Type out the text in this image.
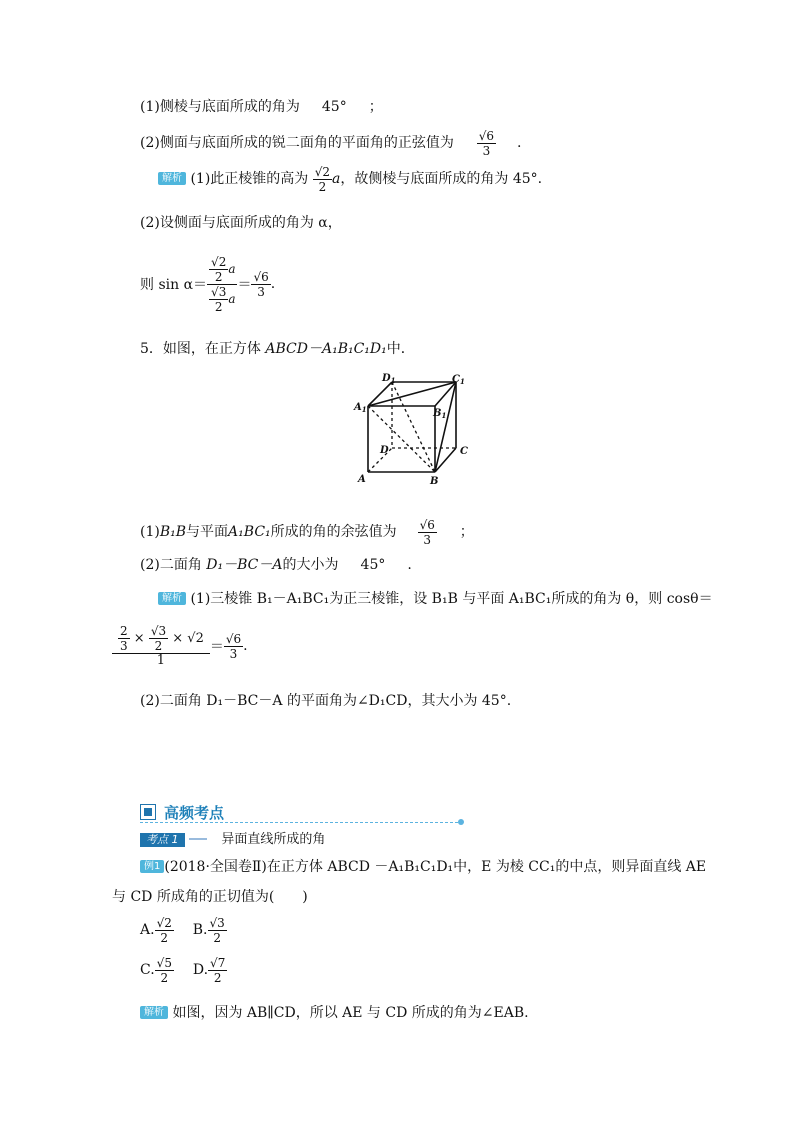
(1)侧棱与底面所成的角为 45° ；
(2)侧面与底面所成的锐二面角的平面角的正弦值为 $\frac{√6}{3}$ .
解析 (1)此正棱锥的高为 $\frac{√2}{2}$ a，故侧棱与底面所成的角为 45°.
(2)设侧面与底面所成的角为 α，
则 $\sin \alpha= \frac{\frac{√2}{2} a}{\frac{√3}{2} a} = \frac{√6}{3}$ .
5．如图，在正方体 ABCD－A₁B₁C₁D₁中．
$D_1$	$C_1$
$A_1$	$B_1$
D	C
A	B
(1)B₁B与平面A₁BC₁所成的角的余弦值为 $\frac{√6}{3}$ ；
(2)二面角 D₁－BC－A的大小为 45° .
解析 (1)三棱锥 B₁－A₁BC₁为正三棱锥，设 B₁B 与平面 A₁BC₁所成的角为 θ，则 cosθ＝
$\frac{\frac{2}{3} \times \frac{√3}{2} \times √2}{1} = \frac{√6}{3}$ .
(2)二面角 D₁－BC－A 的平面角为∠D₁CD，其大小为 45°.
高频考点
考点 1	异面直线所成的角
例1 (2018·全国卷Ⅱ)在正方体 ABCD －A₁B₁C₁D₁中，E 为棱 CC₁的中点，则异面直线 AE
与 CD 所成角的正切值为(　　)
A. $\frac{√2}{2} B$. $\frac{√3}{2}$
C. $\frac{√5}{2} D$. $\frac{√7}{2}$
解析 如图，因为 AB∥CD，所以 AE 与 CD 所成的角为∠EAB.
